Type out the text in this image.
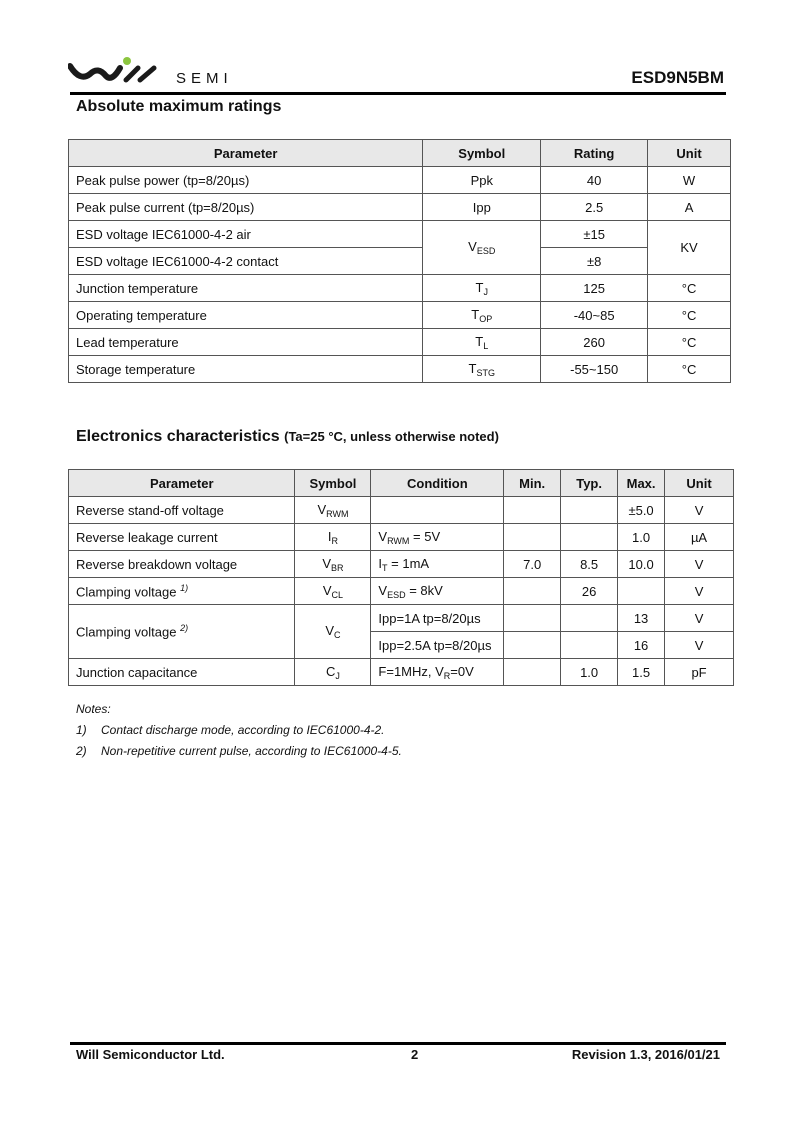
SEMI	ESD9N5BM
Absolute maximum ratings
Parameter	Symbol	Rating	Unit
Peak pulse power (tp=8/20µs)	Ppk	40	W
Peak pulse current (tp=8/20µs)	Ipp	2.5	A
ESD voltage IEC61000-4-2 air	$V_{ESD}$	±15	KV
ESD voltage IEC61000-4-2 contact		±8	
Junction temperature	$T_J$	125	°C
Operating temperature	$T_{OP}$	-40~85	°C
Lead temperature	$T_L$	260	°C
Storage temperature	$T_{STG}$	-55~150	°C
Electronics characteristics (Ta=25 °C, unless otherwise noted)
Parameter	Symbol	Condition	Min.	Typ.	Max.	Unit
Reverse stand-off voltage	$V_{RWM}$				±5.0	V
Reverse leakage current	$I_R$	$V_{RWM} = 5V$			1.0	µA
Reverse breakdown voltage	$V_{BR}$	$I_T = 1mA$	7.0	8.5	10.0	V
Clamping voltage $^{1)}$	$V_{CL}$	$V_{ESD} = 8kV$		26		V
Clamping voltage $^{2)}$	$V_C$	Ipp=1A tp=8/20µs			13	V
		Ipp=2.5A tp=8/20µs			16	V
Junction capacitance	$C_J$	F=1MHz, $V_R=0V$		1.0	1.5	pF
Notes:
1) Contact discharge mode, according to IEC61000-4-2.
2) Non-repetitive current pulse, according to IEC61000-4-5.
Will Semiconductor Ltd.	2	Revision 1.3, 2016/01/21
